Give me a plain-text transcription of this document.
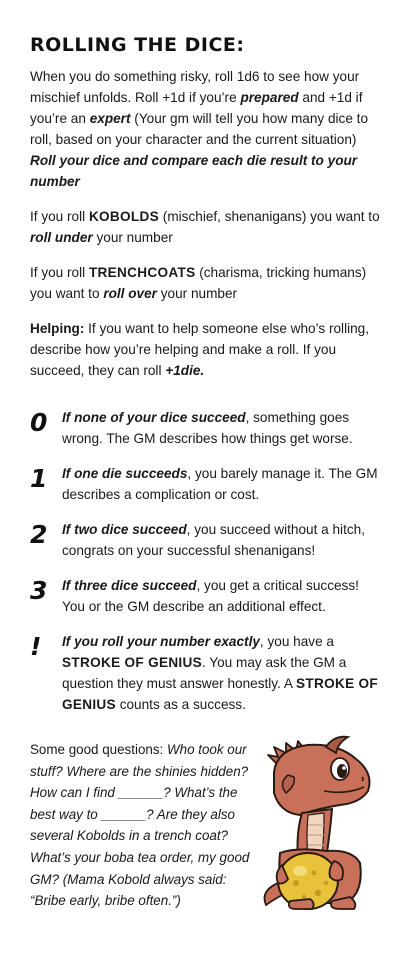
ROLLING THE DICE:

When you do something risky, roll 1d6 to see how your mischief unfolds. Roll +1d if you’re prepared and +1d if you’re an expert (Your gm will tell you how many dice to roll, based on your character and the current situation) Roll your dice and compare each die result to your number

If you roll KOBOLDS (mischief, shenanigans) you want to roll under your number

If you roll TRENCHCOATS (charisma, tricking humans) you want to roll over your number

Helping: If you want to help someone else who’s rolling, describe how you’re helping and make a roll. If you succeed, they can roll +1die.

0	If none of your dice succeed, something goes wrong. The GM describes how things get worse.

1	If one die succeeds, you barely manage it. The GM describes a complication or cost.

2	If two dice succeed, you succeed without a hitch, congrats on your successful shenanigans!

3	If three dice succeed, you get a critical success! You or the GM describe an additional effect.

!	If you roll your number exactly, you have a STROKE OF GENIUS. You may ask the GM a question they must answer honestly. A STROKE OF GENIUS counts as a success.

Some good questions: Who took our stuff? Where are the shinies hidden? How can I find ______? What’s the best way to ______? Are they also several Kobolds in a trench coat? What’s your boba tea order, my good GM? (Mama Kobold always said: “Bribe early, bribe often.”)
